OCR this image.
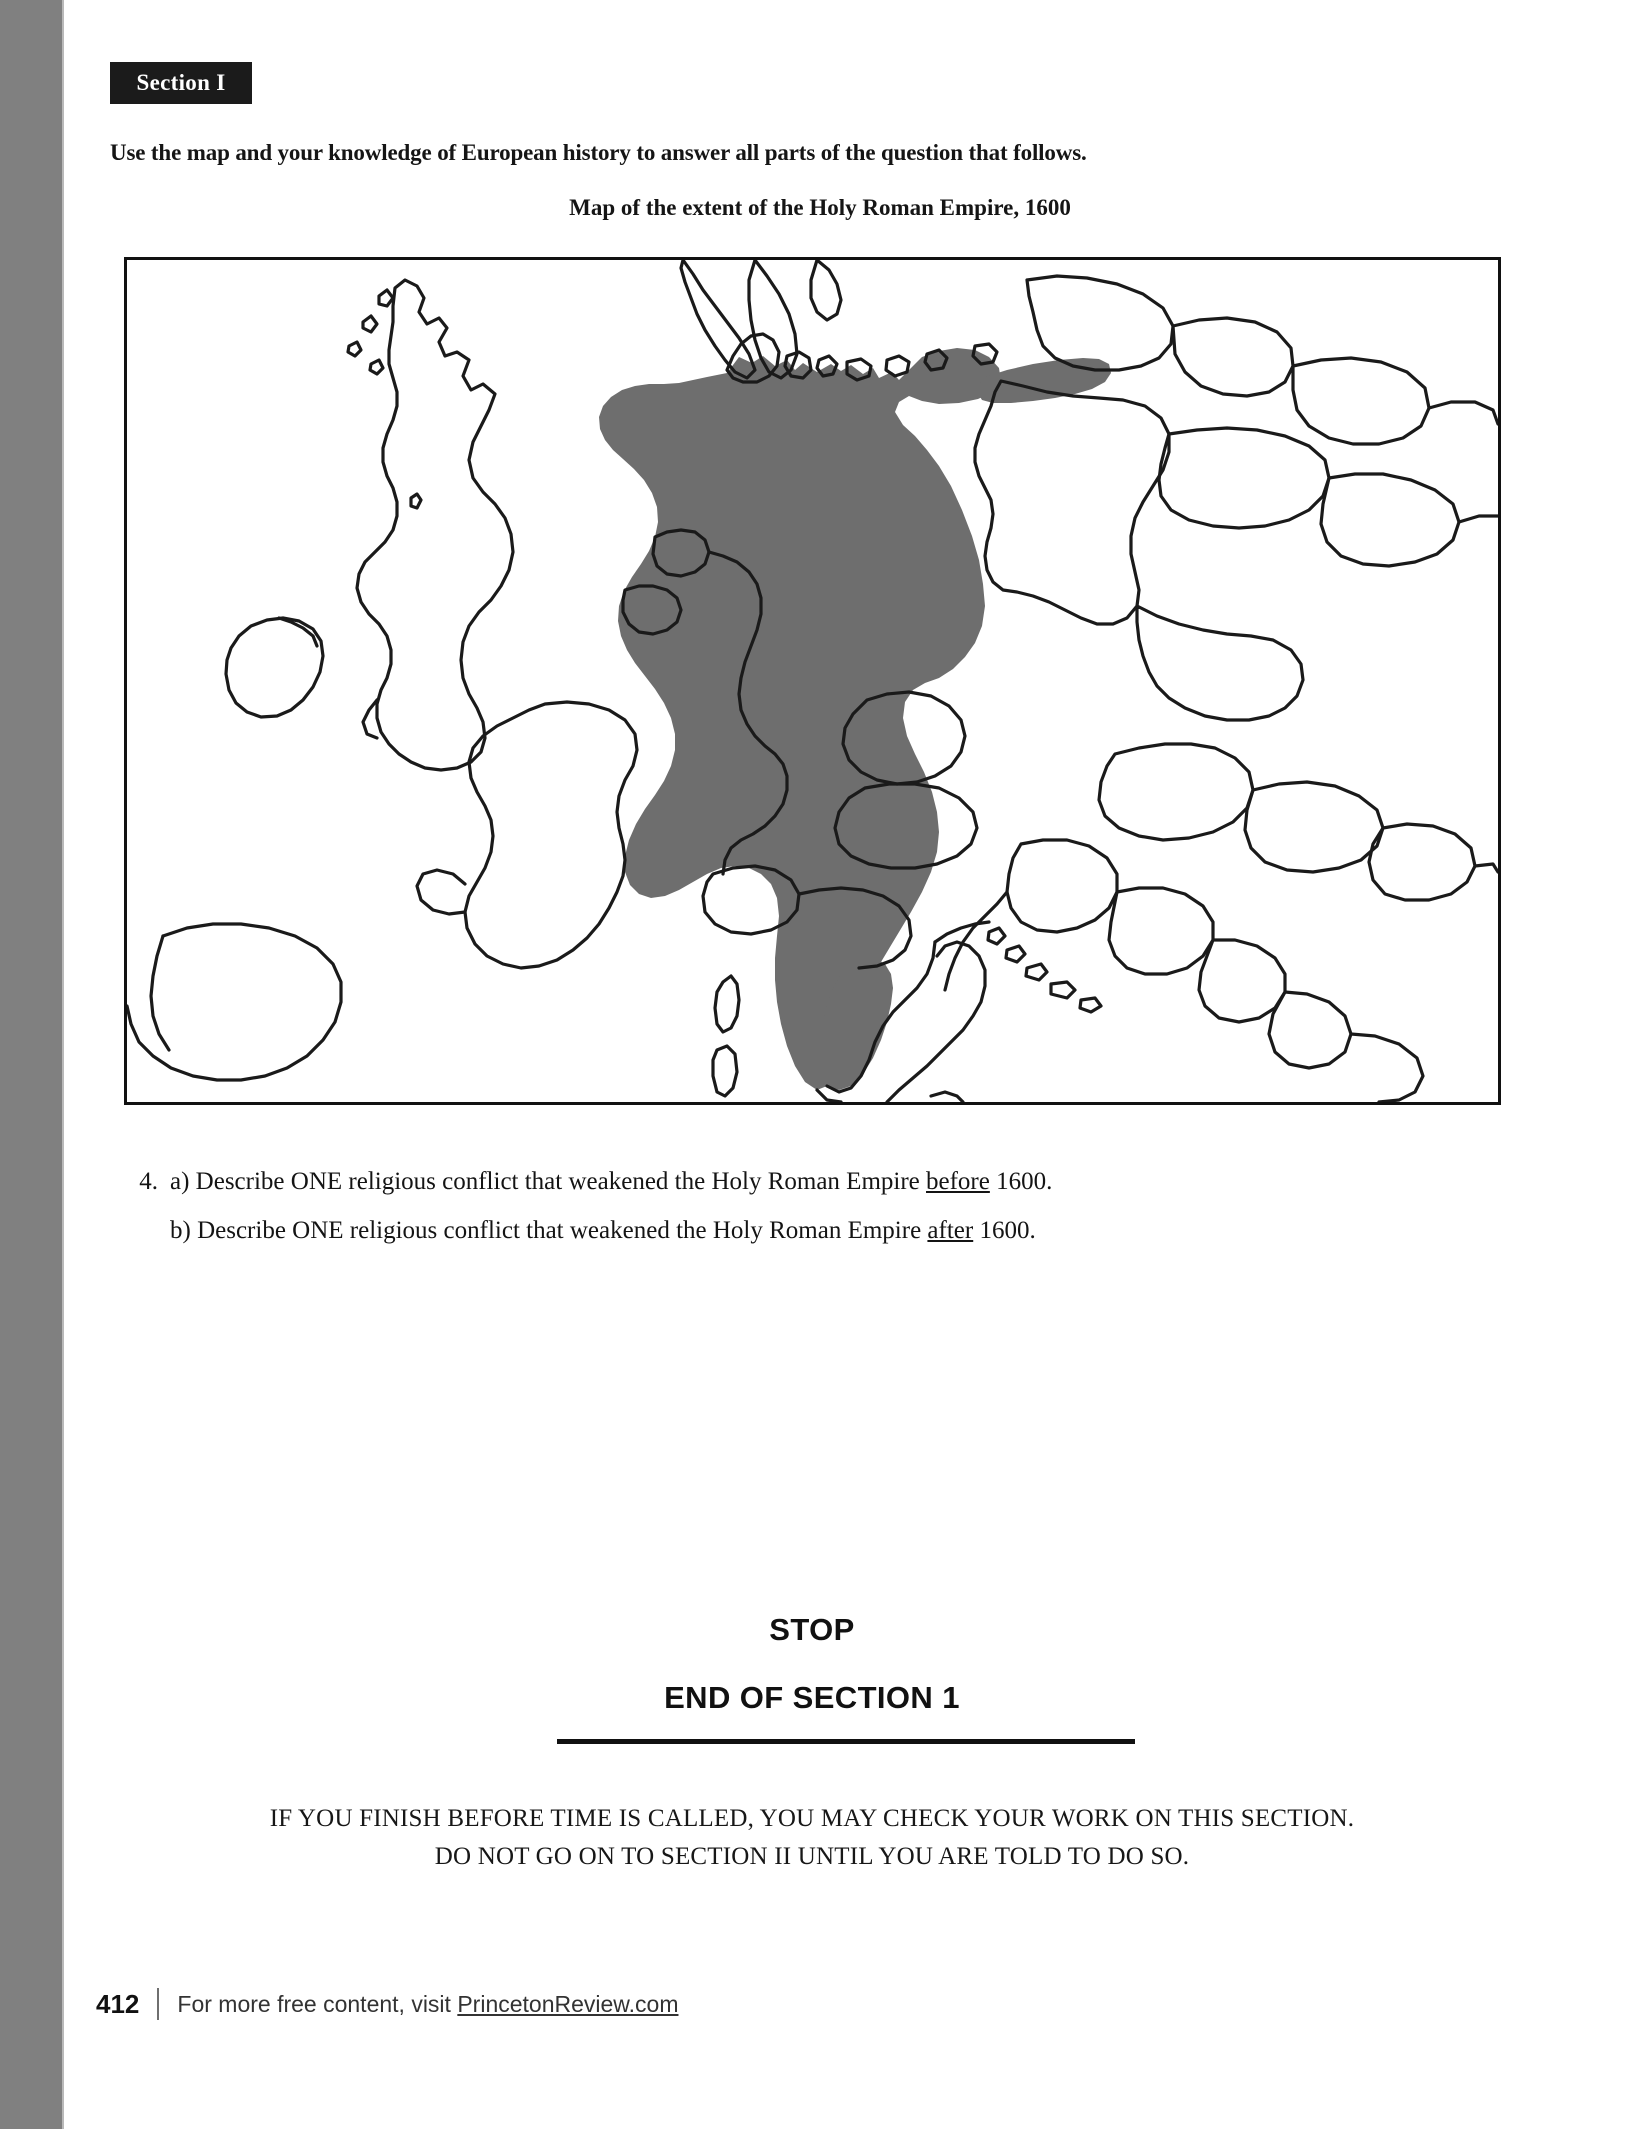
Section I
Use the map and your knowledge of European history to answer all parts of the question that follows.
Map of the extent of the Holy Roman Empire, 1600
4. a) Describe ONE religious conflict that weakened the Holy Roman Empire before 1600.
b) Describe ONE religious conflict that weakened the Holy Roman Empire after 1600.
STOP
END OF SECTION 1
IF YOU FINISH BEFORE TIME IS CALLED, YOU MAY CHECK YOUR WORK ON THIS SECTION.
DO NOT GO ON TO SECTION II UNTIL YOU ARE TOLD TO DO SO.
412 For more free content, visit PrincetonReview.com
